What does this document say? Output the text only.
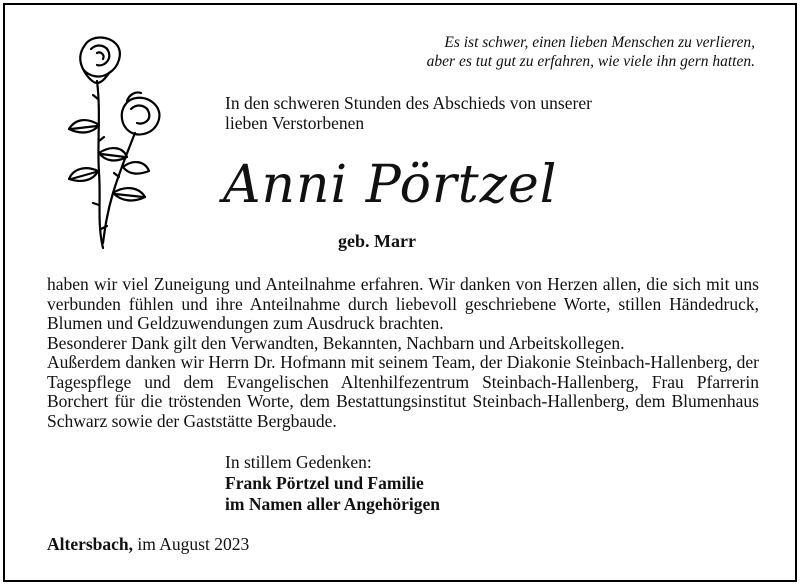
Es ist schwer, einen lieben Menschen zu verlieren,
aber es tut gut zu erfahren, wie viele ihn gern hatten.
In den schweren Stunden des Abschieds von unserer
lieben Verstorbenen
Anni Pörtzel
geb. Marr

haben wir viel Zuneigung und Anteilnahme erfahren. Wir danken von Herzen allen, die sich mit uns verbunden fühlen und ihre Anteilnahme durch liebevoll geschriebene Worte, stillen Händedruck, Blumen und Geldzuwendungen zum Ausdruck brachten.

Besonderer Dank gilt den Verwandten, Bekannten, Nachbarn und Arbeitskollegen.

Außerdem danken wir Herrn Dr. Hofmann mit seinem Team, der Diakonie Steinbach-Hallenberg, der Tagespflege und dem Evangelischen Altenhilfezentrum Steinbach-Hallenberg, Frau Pfarrerin Borchert für die tröstenden Worte, dem Bestattungsinstitut Steinbach-Hallenberg, dem Blumenhaus Schwarz sowie der Gaststätte Bergbaude.

In stillem Gedenken:
Frank Pörtzel und Familie
im Namen aller Angehörigen
Altersbach, im August 2023
